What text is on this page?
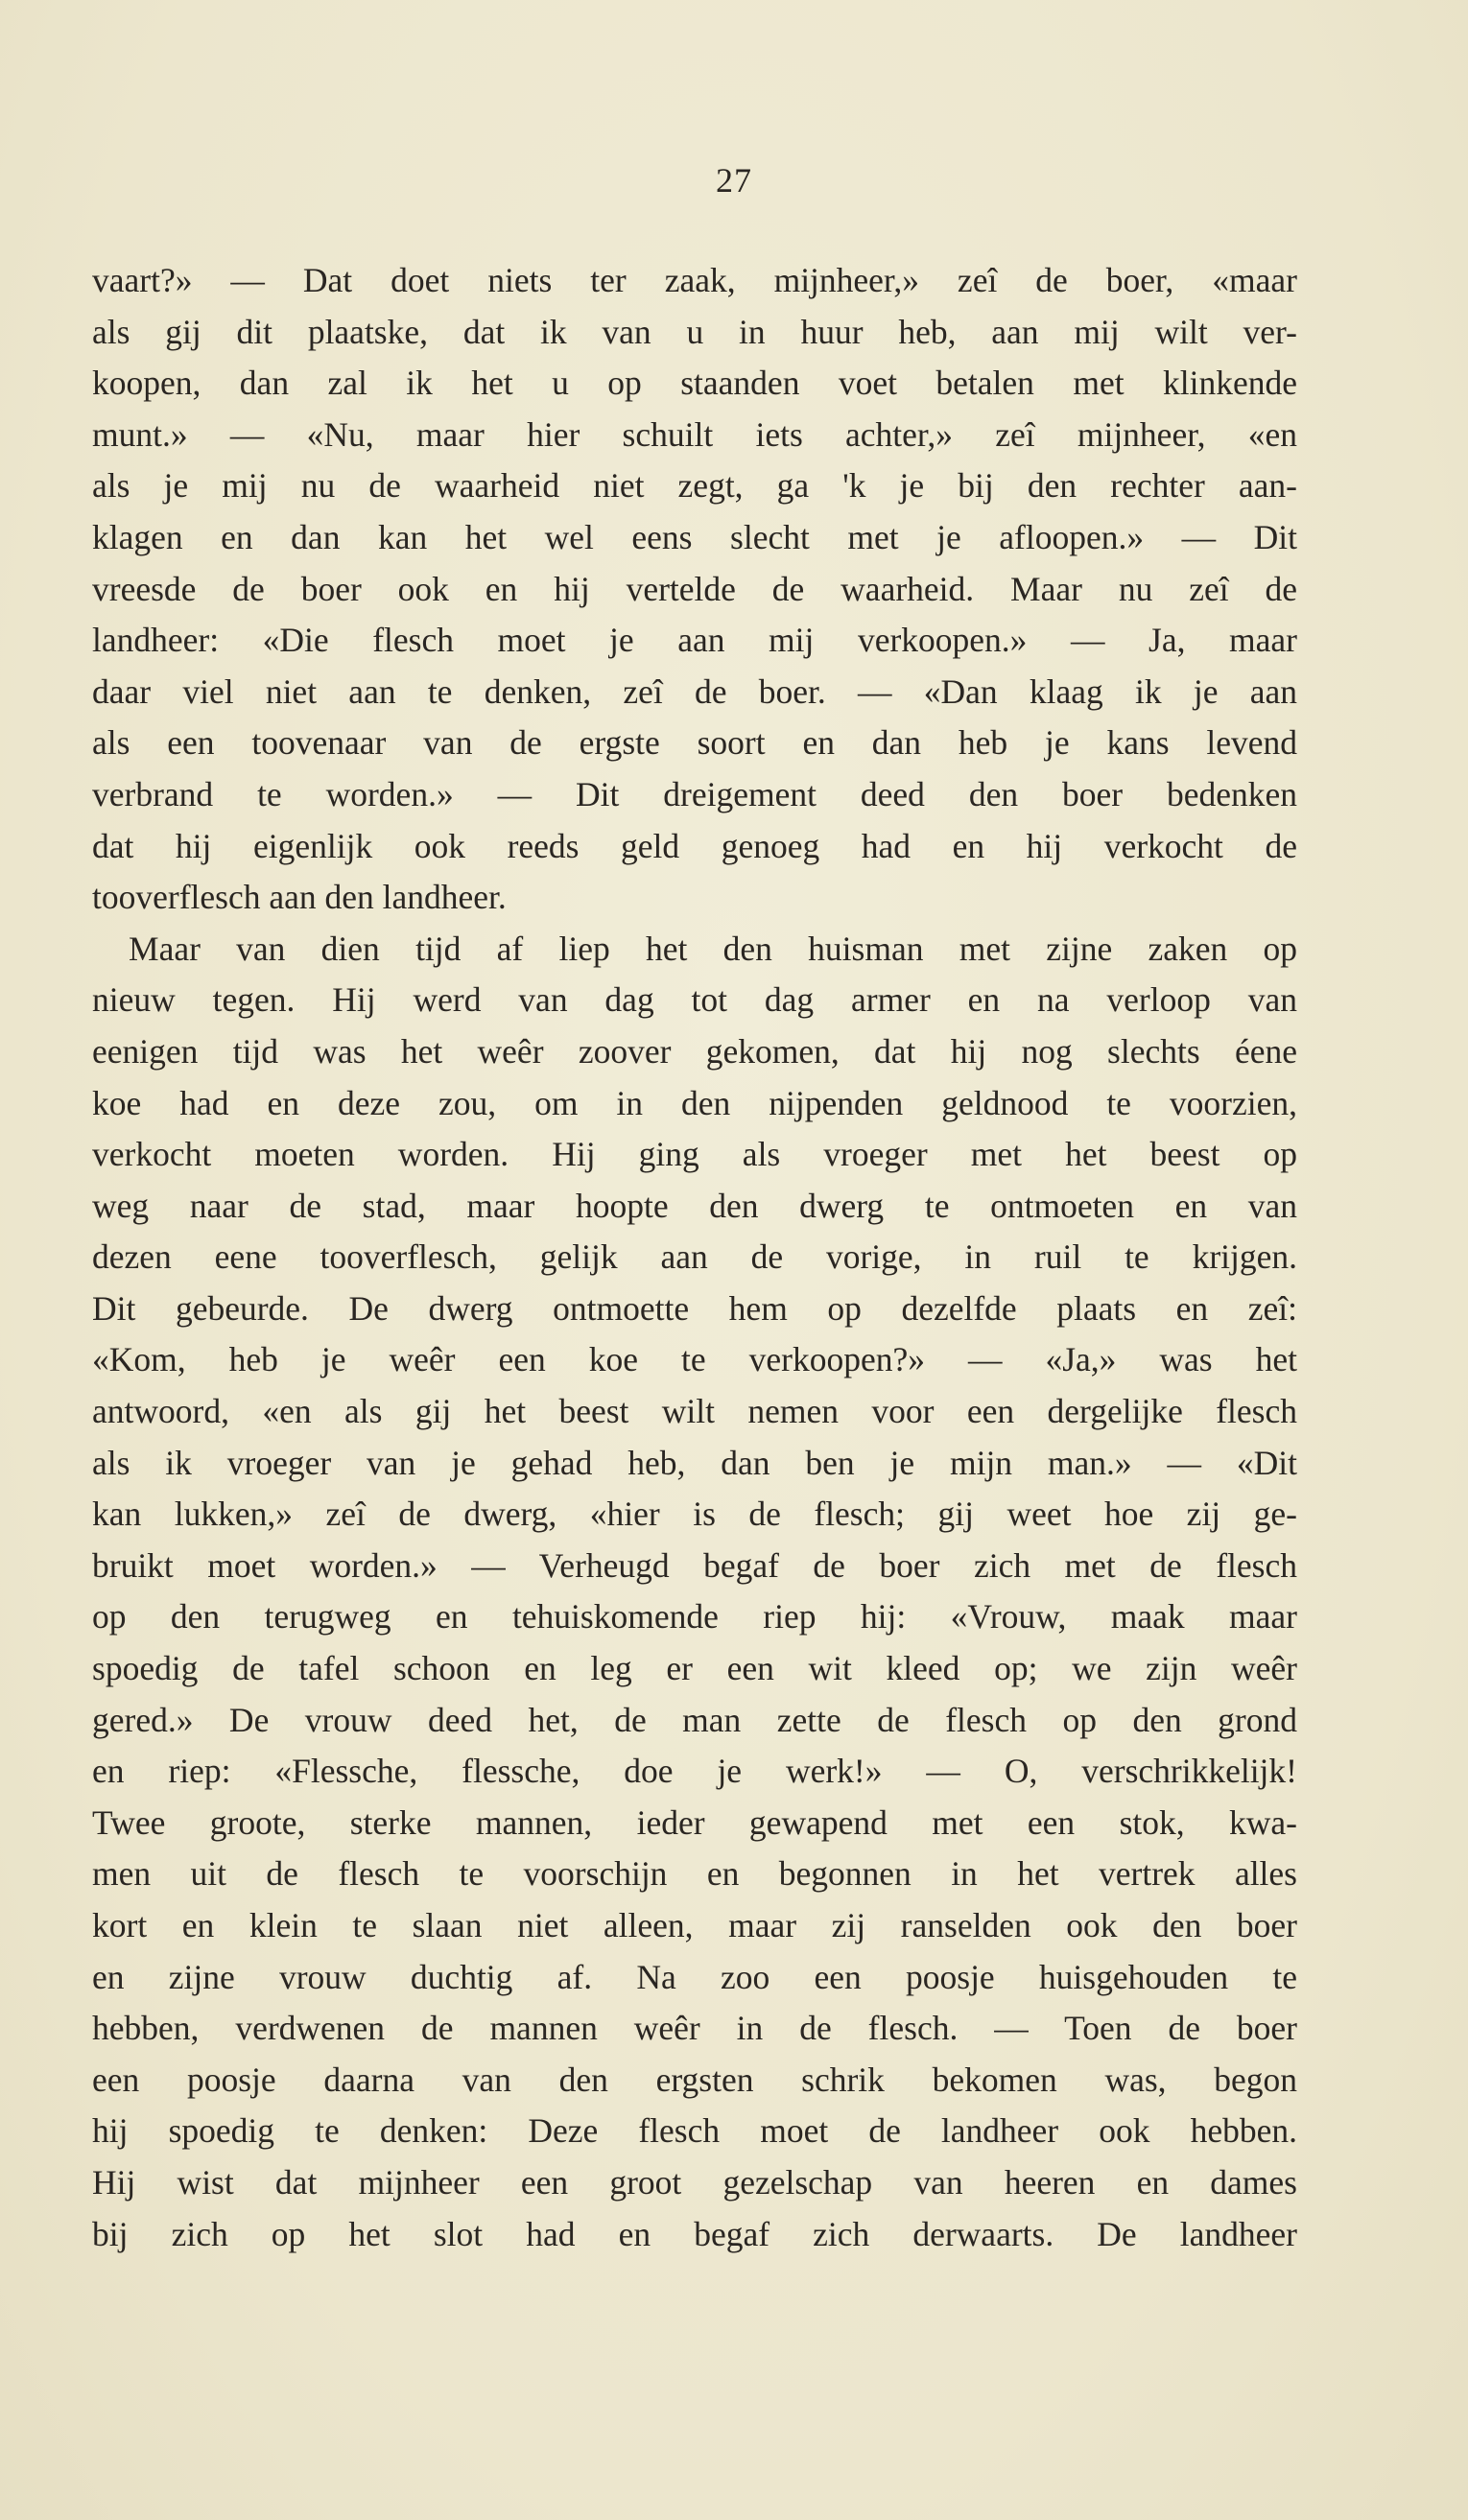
27
vaart?» — Dat doet niets ter zaak, mijnheer,» zeî de boer, «maar
als gij dit plaatske, dat ik van u in huur heb, aan mij wilt ver-
koopen, dan zal ik het u op staanden voet betalen met klinkende
munt.» — «Nu, maar hier schuilt iets achter,» zeî mijnheer, «en
als je mij nu de waarheid niet zegt, ga 'k je bij den rechter aan-
klagen en dan kan het wel eens slecht met je afloopen.» — Dit
vreesde de boer ook en hij vertelde de waarheid. Maar nu zeî de
landheer: «Die flesch moet je aan mij verkoopen.» — Ja, maar
daar viel niet aan te denken, zeî de boer. — «Dan klaag ik je aan
als een toovenaar van de ergste soort en dan heb je kans levend
verbrand te worden.» — Dit dreigement deed den boer bedenken
dat hij eigenlijk ook reeds geld genoeg had en hij verkocht de
tooverflesch aan den landheer.
Maar van dien tijd af liep het den huisman met zijne zaken op
nieuw tegen. Hij werd van dag tot dag armer en na verloop van
eenigen tijd was het weêr zoover gekomen, dat hij nog slechts éene
koe had en deze zou, om in den nijpenden geldnood te voorzien,
verkocht moeten worden. Hij ging als vroeger met het beest op
weg naar de stad, maar hoopte den dwerg te ontmoeten en van
dezen eene tooverflesch, gelijk aan de vorige, in ruil te krijgen.
Dit gebeurde. De dwerg ontmoette hem op dezelfde plaats en zeî:
«Kom, heb je weêr een koe te verkoopen?» — «Ja,» was het
antwoord, «en als gij het beest wilt nemen voor een dergelijke flesch
als ik vroeger van je gehad heb, dan ben je mijn man.» — «Dit
kan lukken,» zeî de dwerg, «hier is de flesch; gij weet hoe zij ge-
bruikt moet worden.» — Verheugd begaf de boer zich met de flesch
op den terugweg en tehuiskomende riep hij: «Vrouw, maak maar
spoedig de tafel schoon en leg er een wit kleed op; we zijn weêr
gered.» De vrouw deed het, de man zette de flesch op den grond
en riep: «Flessche, flessche, doe je werk!» — O, verschrikkelijk!
Twee groote, sterke mannen, ieder gewapend met een stok, kwa-
men uit de flesch te voorschijn en begonnen in het vertrek alles
kort en klein te slaan niet alleen, maar zij ranselden ook den boer
en zijne vrouw duchtig af. Na zoo een poosje huisgehouden te
hebben, verdwenen de mannen weêr in de flesch. — Toen de boer
een poosje daarna van den ergsten schrik bekomen was, begon
hij spoedig te denken: Deze flesch moet de landheer ook hebben.
Hij wist dat mijnheer een groot gezelschap van heeren en dames
bij zich op het slot had en begaf zich derwaarts. De landheer
